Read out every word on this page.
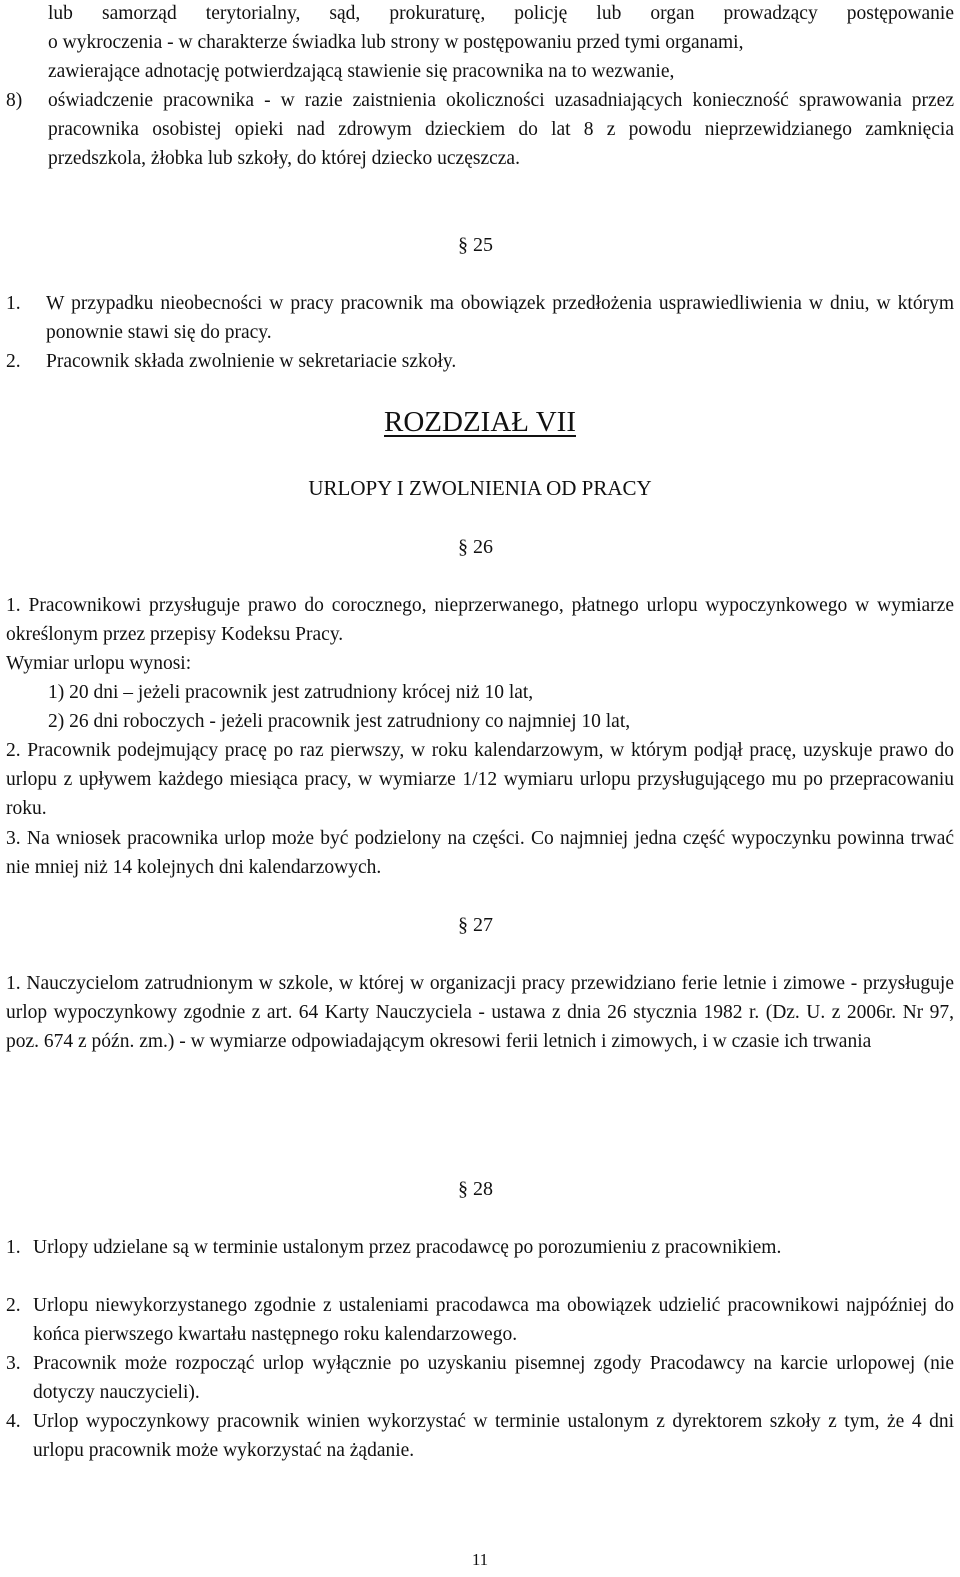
lub samorząd terytorialny, sąd, prokuraturę, policję lub organ prowadzący postępowanie

o wykroczenia - w charakterze świadka lub strony w postępowaniu przed tymi organami,

zawierające adnotację potwierdzającą stawienie się pracownika na to wezwanie,

8) oświadczenie pracownika - w razie zaistnienia okoliczności uzasadniających konieczność sprawowania przez pracownika osobistej opieki nad zdrowym dzieckiem do lat 8 z powodu nieprzewidzianego zamknięcia przedszkola, żłobka lub szkoły, do której dziecko uczęszcza.

§ 25
1. W przypadku nieobecności w pracy pracownik ma obowiązek przedłożenia usprawiedliwienia w dniu, w którym ponownie stawi się do pracy.

2. Pracownik składa zwolnienie w sekretariacie szkoły.

ROZDZIAŁ VII
URLOPY I ZWOLNIENIA OD PRACY
§ 26

1. Pracownikowi przysługuje prawo do corocznego, nieprzerwanego, płatnego urlopu wypoczynkowego w wymiarze określonym przez przepisy Kodeksu Pracy.

Wymiar urlopu wynosi:

1) 20 dni – jeżeli pracownik jest zatrudniony krócej niż 10 lat,

2) 26 dni roboczych - jeżeli pracownik jest zatrudniony co najmniej 10 lat,

2. Pracownik podejmujący pracę po raz pierwszy, w roku kalendarzowym, w którym podjął pracę, uzyskuje prawo do urlopu z upływem każdego miesiąca pracy, w wymiarze 1/12 wymiaru urlopu przysługującego mu po przepracowaniu roku.

3. Na wniosek pracownika urlop może być podzielony na części. Co najmniej jedna część wypoczynku powinna trwać nie mniej niż 14 kolejnych dni kalendarzowych.

§ 27

1. Nauczycielom zatrudnionym w szkole, w której w organizacji pracy przewidziano ferie letnie i zimowe - przysługuje urlop wypoczynkowy zgodnie z art. 64 Karty Nauczyciela - ustawa z dnia 26 stycznia 1982 r. (Dz. U. z 2006r. Nr 97, poz. 674 z późn. zm.) - w wymiarze odpowiadającym okresowi ferii letnich i zimowych, i w czasie ich trwania

§ 28
1. Urlopy udzielane są w terminie ustalonym przez pracodawcę po porozumieniu z pracownikiem.

2. Urlopu niewykorzystanego zgodnie z ustaleniami pracodawca ma obowiązek udzielić pracownikowi najpóźniej do końca pierwszego kwartału następnego roku kalendarzowego.

3. Pracownik może rozpocząć urlop wyłącznie po uzyskaniu pisemnej zgody Pracodawcy na karcie urlopowej (nie dotyczy nauczycieli).

4. Urlop wypoczynkowy pracownik winien wykorzystać w terminie ustalonym z dyrektorem szkoły z tym, że 4 dni urlopu pracownik może wykorzystać na żądanie.

11
